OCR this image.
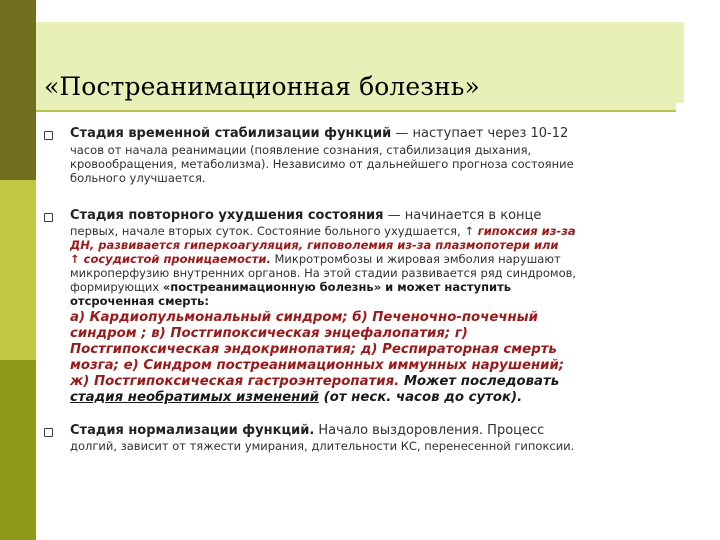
«Постреанимационная болезнь»
Стадия временной стабилизации функций — наступает через 10-12
часов от начала реанимации (появление сознания, стабилизация дыхания,
кровообращения, метаболизма). Независимо от дальнейшего прогноза состояние
больного улучшается.
Стадия повторного ухудшения состояния — начинается в конце
первых, начале вторых суток. Состояние больного ухудшается, ↑ гипоксия из-за
ДН, развивается гиперкоагуляция, гиповолемия из-за плазмопотери или
↑ сосудистой проницаемости. Микротромбозы и жировая эмболия нарушают
микроперфузию внутренних органов. На этой стадии развивается ряд синдромов,
формирующих «постреанимационную болезнь» и может наступить
отсроченная смерть:
а) Кардиопульмональный синдром; б) Печеночно-почечный
синдром ; в) Постгипоксическая энцефалопатия; г)
Постгипоксическая эндокринопатия; д) Респираторная смерть
мозга; е) Синдром постреанимационных иммунных нарушений;
ж) Постгипоксическая гастроэнтеропатия. Может последовать
стадия необратимых изменений (от неск. часов до суток).
Стадия нормализации функций. Начало выздоровления. Процесс
долгий, зависит от тяжести умирания, длительности КС, перенесенной гипоксии.
